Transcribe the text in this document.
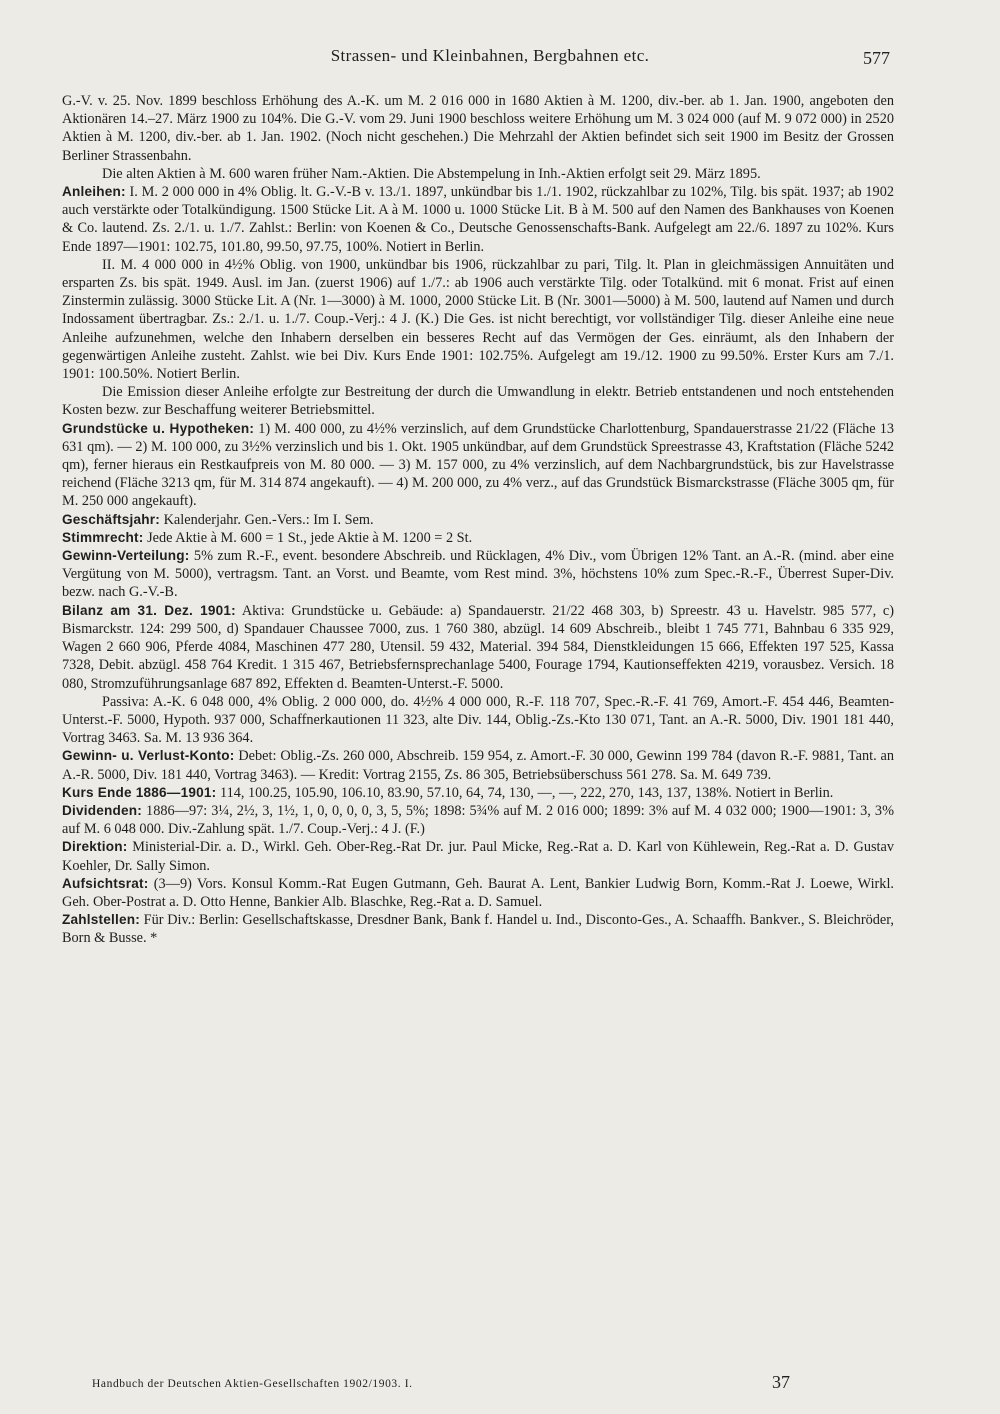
Strassen- und Kleinbahnen, Bergbahnen etc.	577

G.-V. v. 25. Nov. 1899 beschloss Erhöhung des A.-K. um M. 2 016 000 in 1680 Aktien à M. 1200, div.-ber. ab 1. Jan. 1900, angeboten den Aktionären 14.–27. März 1900 zu 104%. Die G.-V. vom 29. Juni 1900 beschloss weitere Erhöhung um M. 3 024 000 (auf M. 9 072 000) in 2520 Aktien à M. 1200, div.-ber. ab 1. Jan. 1902. (Noch nicht geschehen.) Die Mehrzahl der Aktien befindet sich seit 1900 im Besitz der Grossen Berliner Strassenbahn.

Die alten Aktien à M. 600 waren früher Nam.-Aktien. Die Abstempelung in Inh.-Aktien erfolgt seit 29. März 1895.

Anleihen: I. M. 2 000 000 in 4% Oblig. lt. G.-V.-B v. 13./1. 1897, unkündbar bis 1./1. 1902, rückzahlbar zu 102%, Tilg. bis spät. 1937; ab 1902 auch verstärkte oder Totalkündigung. 1500 Stücke Lit. A à M. 1000 u. 1000 Stücke Lit. B à M. 500 auf den Namen des Bankhauses von Koenen & Co. lautend. Zs. 2./1. u. 1./7. Zahlst.: Berlin: von Koenen & Co., Deutsche Genossenschafts-Bank. Aufgelegt am 22./6. 1897 zu 102%. Kurs Ende 1897—1901: 102.75, 101.80, 99.50, 97.75, 100%. Notiert in Berlin.

II. M. 4 000 000 in 4½% Oblig. von 1900, unkündbar bis 1906, rückzahlbar zu pari, Tilg. lt. Plan in gleichmässigen Annuitäten und ersparten Zs. bis spät. 1949. Ausl. im Jan. (zuerst 1906) auf 1./7.: ab 1906 auch verstärkte Tilg. oder Totalkünd. mit 6 monat. Frist auf einen Zinstermin zulässig. 3000 Stücke Lit. A (Nr. 1—3000) à M. 1000, 2000 Stücke Lit. B (Nr. 3001—5000) à M. 500, lautend auf Namen und durch Indossament übertragbar. Zs.: 2./1. u. 1./7. Coup.-Verj.: 4 J. (K.) Die Ges. ist nicht berechtigt, vor vollständiger Tilg. dieser Anleihe eine neue Anleihe aufzunehmen, welche den Inhabern derselben ein besseres Recht auf das Vermögen der Ges. einräumt, als den Inhabern der gegenwärtigen Anleihe zusteht. Zahlst. wie bei Div. Kurs Ende 1901: 102.75%. Aufgelegt am 19./12. 1900 zu 99.50%. Erster Kurs am 7./1. 1901: 100.50%. Notiert Berlin.

Die Emission dieser Anleihe erfolgte zur Bestreitung der durch die Umwandlung in elektr. Betrieb entstandenen und noch entstehenden Kosten bezw. zur Beschaffung weiterer Betriebsmittel.

Grundstücke u. Hypotheken: 1) M. 400 000, zu 4½% verzinslich, auf dem Grundstücke Charlottenburg, Spandauerstrasse 21/22 (Fläche 13 631 qm). — 2) M. 100 000, zu 3½% verzinslich und bis 1. Okt. 1905 unkündbar, auf dem Grundstück Spreestrasse 43, Kraftstation (Fläche 5242 qm), ferner hieraus ein Restkaufpreis von M. 80 000. — 3) M. 157 000, zu 4% verzinslich, auf dem Nachbargrundstück, bis zur Havelstrasse reichend (Fläche 3213 qm, für M. 314 874 angekauft). — 4) M. 200 000, zu 4% verz., auf das Grundstück Bismarckstrasse (Fläche 3005 qm, für M. 250 000 angekauft).

Geschäftsjahr: Kalenderjahr. Gen.-Vers.: Im I. Sem.

Stimmrecht: Jede Aktie à M. 600 = 1 St., jede Aktie à M. 1200 = 2 St.

Gewinn-Verteilung: 5% zum R.-F., event. besondere Abschreib. und Rücklagen, 4% Div., vom Übrigen 12% Tant. an A.-R. (mind. aber eine Vergütung von M. 5000), vertragsm. Tant. an Vorst. und Beamte, vom Rest mind. 3%, höchstens 10% zum Spec.-R.-F., Überrest Super-Div. bezw. nach G.-V.-B.

Bilanz am 31. Dez. 1901: Aktiva: Grundstücke u. Gebäude: a) Spandauerstr. 21/22 468 303, b) Spreestr. 43 u. Havelstr. 985 577, c) Bismarckstr. 124: 299 500, d) Spandauer Chaussee 7000, zus. 1 760 380, abzügl. 14 609 Abschreib., bleibt 1 745 771, Bahnbau 6 335 929, Wagen 2 660 906, Pferde 4084, Maschinen 477 280, Utensil. 59 432, Material. 394 584, Dienstkleidungen 15 666, Effekten 197 525, Kassa 7328, Debit. abzügl. 458 764 Kredit. 1 315 467, Betriebsfernsprechanlage 5400, Fourage 1794, Kautionseffekten 4219, vorausbez. Versich. 18 080, Stromzuführungsanlage 687 892, Effekten d. Beamten-Unterst.-F. 5000.

Passiva: A.-K. 6 048 000, 4% Oblig. 2 000 000, do. 4½% 4 000 000, R.-F. 118 707, Spec.-R.-F. 41 769, Amort.-F. 454 446, Beamten-Unterst.-F. 5000, Hypoth. 937 000, Schaffnerkautionen 11 323, alte Div. 144, Oblig.-Zs.-Kto 130 071, Tant. an A.-R. 5000, Div. 1901 181 440, Vortrag 3463. Sa. M. 13 936 364.

Gewinn- u. Verlust-Konto: Debet: Oblig.-Zs. 260 000, Abschreib. 159 954, z. Amort.-F. 30 000, Gewinn 199 784 (davon R.-F. 9881, Tant. an A.-R. 5000, Div. 181 440, Vortrag 3463). — Kredit: Vortrag 2155, Zs. 86 305, Betriebsüberschuss 561 278. Sa. M. 649 739.

Kurs Ende 1886—1901: 114, 100.25, 105.90, 106.10, 83.90, 57.10, 64, 74, 130, —, —, 222, 270, 143, 137, 138%. Notiert in Berlin.

Dividenden: 1886—97: 3¼, 2½, 3, 1½, 1, 0, 0, 0, 0, 3, 5, 5%; 1898: 5¾% auf M. 2 016 000; 1899: 3% auf M. 4 032 000; 1900—1901: 3, 3% auf M. 6 048 000. Div.-Zahlung spät. 1./7. Coup.-Verj.: 4 J. (F.)

Direktion: Ministerial-Dir. a. D., Wirkl. Geh. Ober-Reg.-Rat Dr. jur. Paul Micke, Reg.-Rat a. D. Karl von Kühlewein, Reg.-Rat a. D. Gustav Koehler, Dr. Sally Simon.

Aufsichtsrat: (3—9) Vors. Konsul Komm.-Rat Eugen Gutmann, Geh. Baurat A. Lent, Bankier Ludwig Born, Komm.-Rat J. Loewe, Wirkl. Geh. Ober-Postrat a. D. Otto Henne, Bankier Alb. Blaschke, Reg.-Rat a. D. Samuel.

Zahlstellen: Für Div.: Berlin: Gesellschaftskasse, Dresdner Bank, Bank f. Handel u. Ind., Disconto-Ges., A. Schaaffh. Bankver., S. Bleichröder, Born & Busse. *

Handbuch der Deutschen Aktien-Gesellschaften 1902/1903. I.	37
